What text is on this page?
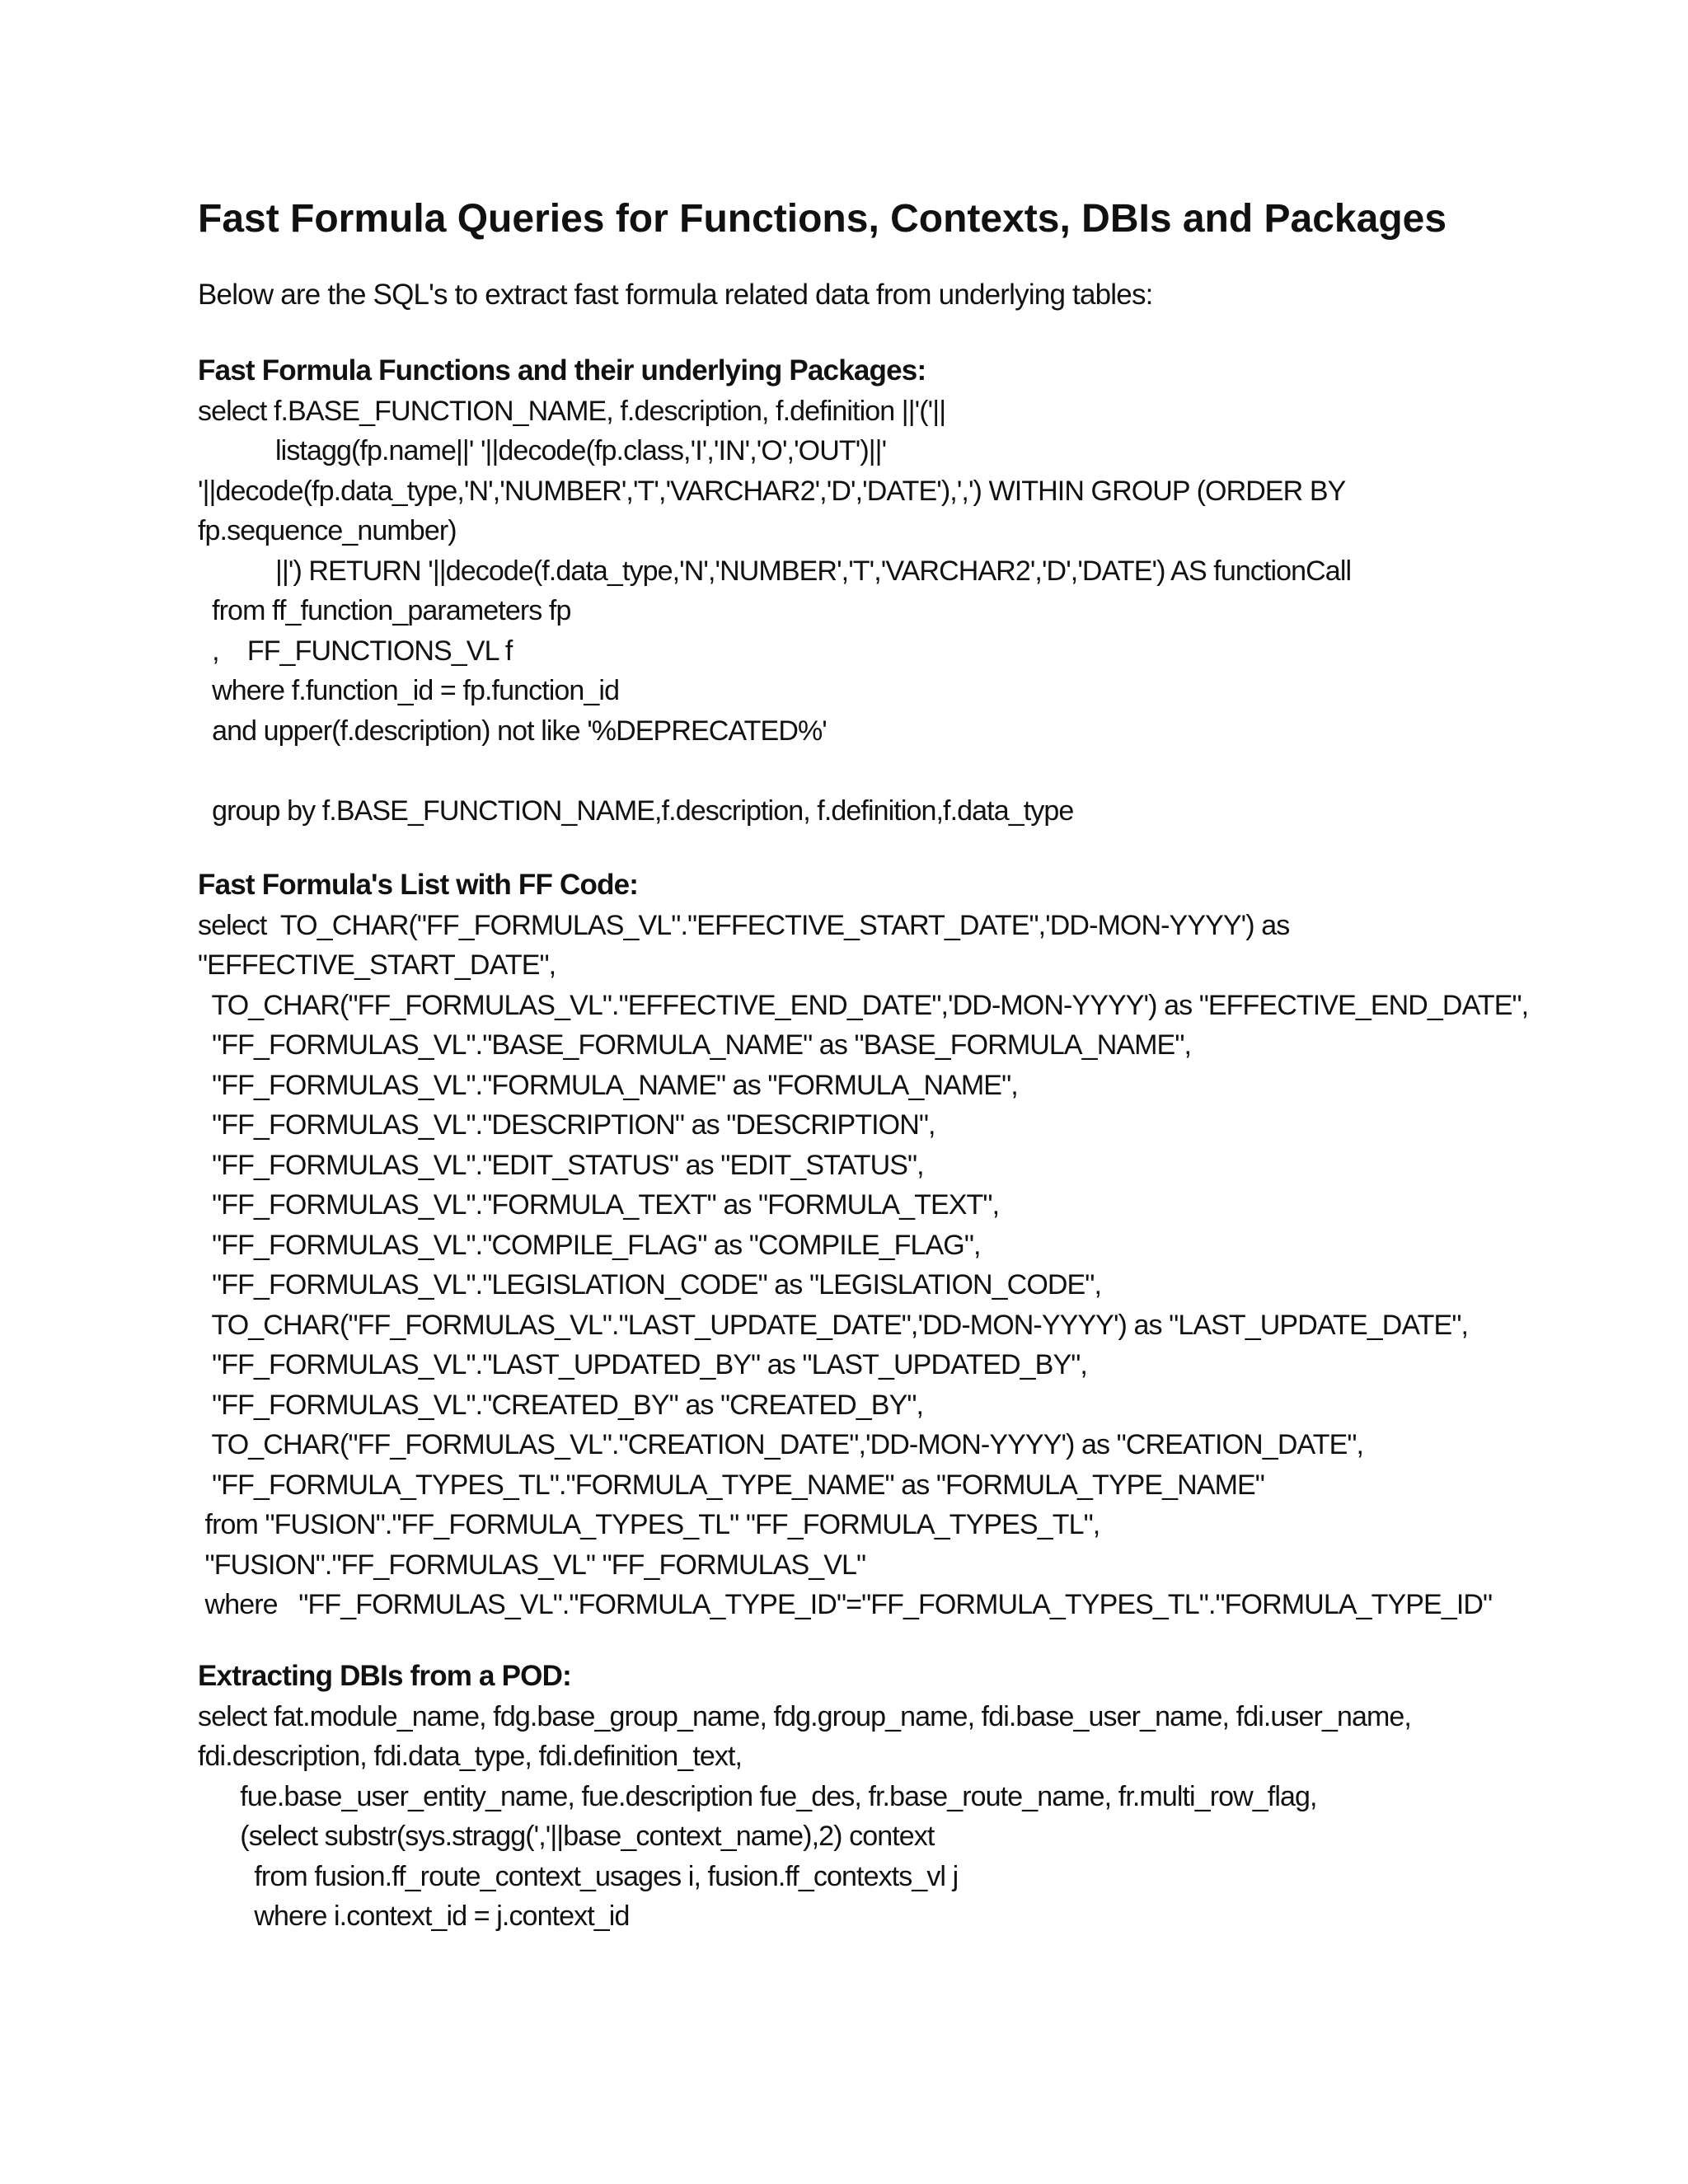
Fast Formula Queries for Functions, Contexts, DBIs and Packages
Below are the SQL's to extract fast formula related data from underlying tables:
Fast Formula Functions and their underlying Packages:
select f.BASE_FUNCTION_NAME, f.description, f.definition ||'('||
listagg(fp.name||' '||decode(fp.class,'I','IN','O','OUT')||'
'||decode(fp.data_type,'N','NUMBER','T','VARCHAR2','D','DATE'),',') WITHIN GROUP (ORDER BY
fp.sequence_number)
||') RETURN '||decode(f.data_type,'N','NUMBER','T','VARCHAR2','D','DATE') AS functionCall
from ff_function_parameters fp
,    FF_FUNCTIONS_VL f
where f.function_id = fp.function_id
and upper(f.description) not like '%DEPRECATED%'

group by f.BASE_FUNCTION_NAME,f.description, f.definition,f.data_type
Fast Formula's List with FF Code:
select  TO_CHAR("FF_FORMULAS_VL"."EFFECTIVE_START_DATE",'DD-MON-YYYY') as
"EFFECTIVE_START_DATE",
TO_CHAR("FF_FORMULAS_VL"."EFFECTIVE_END_DATE",'DD-MON-YYYY') as "EFFECTIVE_END_DATE",
"FF_FORMULAS_VL"."BASE_FORMULA_NAME" as "BASE_FORMULA_NAME",
"FF_FORMULAS_VL"."FORMULA_NAME" as "FORMULA_NAME",
"FF_FORMULAS_VL"."DESCRIPTION" as "DESCRIPTION",
"FF_FORMULAS_VL"."EDIT_STATUS" as "EDIT_STATUS",
"FF_FORMULAS_VL"."FORMULA_TEXT" as "FORMULA_TEXT",
"FF_FORMULAS_VL"."COMPILE_FLAG" as "COMPILE_FLAG",
"FF_FORMULAS_VL"."LEGISLATION_CODE" as "LEGISLATION_CODE",
TO_CHAR("FF_FORMULAS_VL"."LAST_UPDATE_DATE",'DD-MON-YYYY') as "LAST_UPDATE_DATE",
"FF_FORMULAS_VL"."LAST_UPDATED_BY" as "LAST_UPDATED_BY",
"FF_FORMULAS_VL"."CREATED_BY" as "CREATED_BY",
TO_CHAR("FF_FORMULAS_VL"."CREATION_DATE",'DD-MON-YYYY') as "CREATION_DATE",
"FF_FORMULA_TYPES_TL"."FORMULA_TYPE_NAME" as "FORMULA_TYPE_NAME"
from "FUSION"."FF_FORMULA_TYPES_TL" "FF_FORMULA_TYPES_TL",
"FUSION"."FF_FORMULAS_VL" "FF_FORMULAS_VL"
where   "FF_FORMULAS_VL"."FORMULA_TYPE_ID"="FF_FORMULA_TYPES_TL"."FORMULA_TYPE_ID"
Extracting DBIs from a POD:
select fat.module_name, fdg.base_group_name, fdg.group_name, fdi.base_user_name, fdi.user_name,
fdi.description, fdi.data_type, fdi.definition_text,
fue.base_user_entity_name, fue.description fue_des, fr.base_route_name, fr.multi_row_flag,
(select substr(sys.stragg(','||base_context_name),2) context
from fusion.ff_route_context_usages i, fusion.ff_contexts_vl j
where i.context_id = j.context_id
